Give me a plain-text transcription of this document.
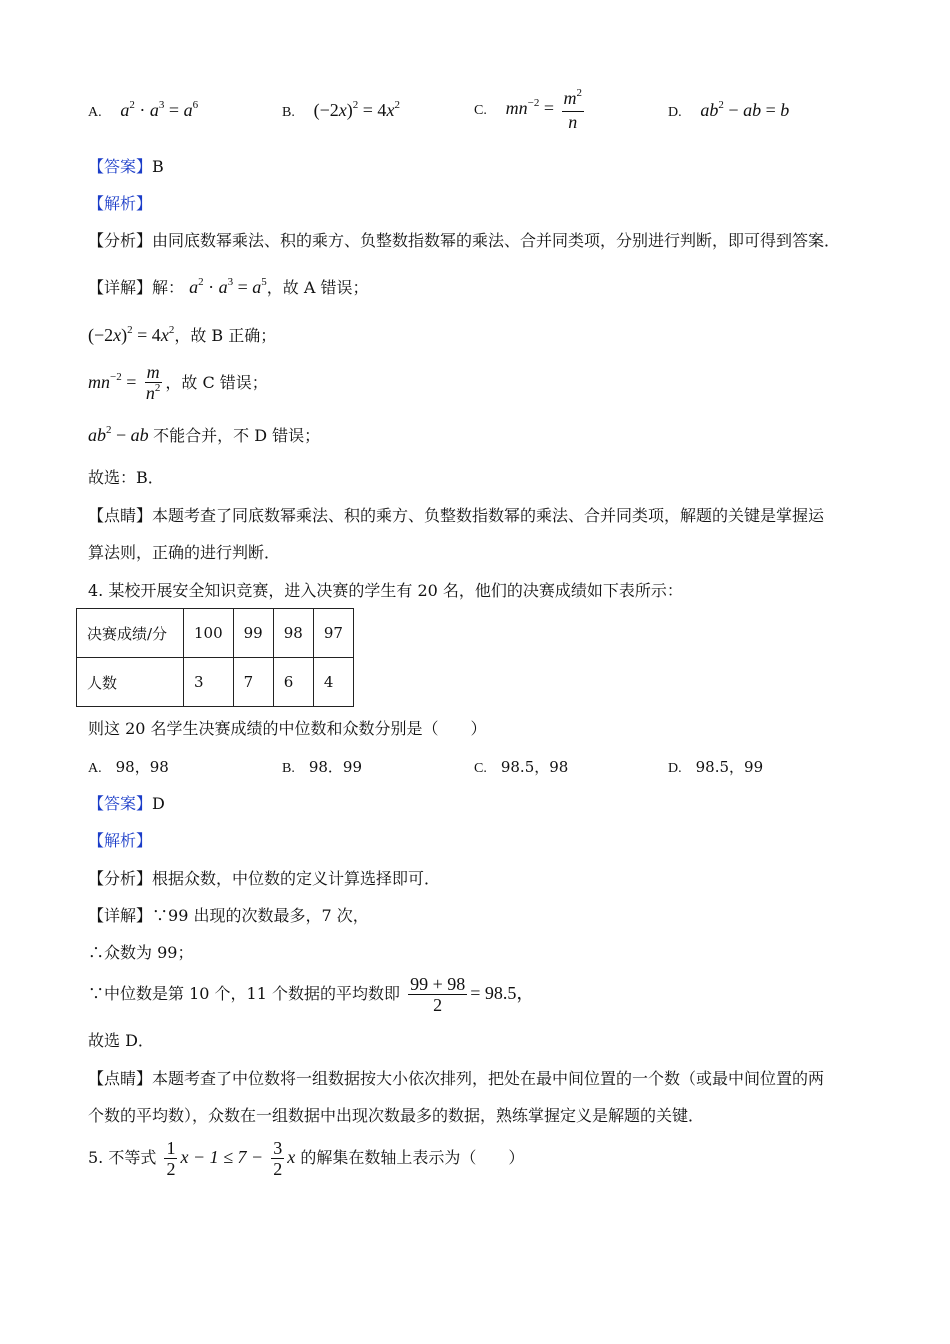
A. $a^2 \cdot a^3 = a^6$	B. $(-2x)^2 = 4x^2$	C. $mn^{-2} = \frac{m^2}{n}$	D. $ab^2$ − ab = b
【答案】B
【解析】
【分析】由同底数幂乘法、积的乘方、负整数指数幂的乘法、合并同类项，分别进行判断，即可得到答案．
【详解】解： $a^2 \cdot a^3 = a^5$，故 A 错误；
$(-2x)^2 = 4x^2$，故 B 正确；
$mn^{-2} = \frac{m}{n^2}$ ，故 C 错误；
$ab^2$ − ab 不能合并，不 D 错误；
故选：B．
【点睛】本题考查了同底数幂乘法、积的乘方、负整数指数幂的乘法、合并同类项，解题的关键是掌握运
算法则，正确的进行判断．
4. 某校开展安全知识竞赛，进入决赛的学生有 20 名，他们的决赛成绩如下表所示：
决赛成绩/分	100	99	98	97
人数	3	7	6	4
则这 20 名学生决赛成绩的中位数和众数分别是（　　）
A. 98，98	B. 98．99	C. 98.5，98	D. 98.5，99
【答案】D
【解析】
【分析】根据众数，中位数的定义计算选择即可．
【详解】∵99 出现的次数最多，7 次，
∴众数为 99；
∵中位数是第 10 个，11 个数据的平均数即 $\frac{99 + 98}{2} = 98.5$，
故选 D．
【点睛】本题考查了中位数将一组数据按大小依次排列，把处在最中间位置的一个数（或最中间位置的两
个数的平均数），众数在一组数据中出现次数最多的数据，熟练掌握定义是解题的关键．
5. 不等式 $\frac{1}{2}$ $x - 1 \le 7 - \frac{3}{2}$ x 的解集在数轴上表示为（　　）
